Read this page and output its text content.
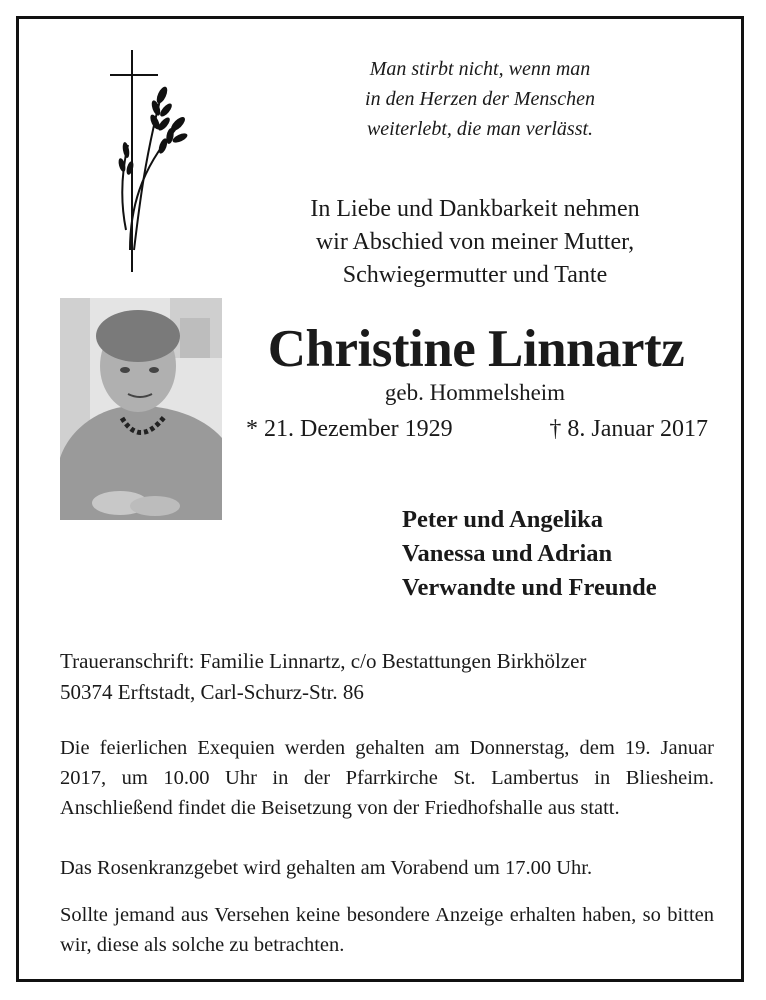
Man stirbt nicht, wenn man
in den Herzen der Menschen
weiterlebt, die man verlässt.
In Liebe und Dankbarkeit nehmen
wir Abschied von meiner Mutter,
Schwiegermutter und Tante
Christine Linnartz
geb. Hommelsheim
* 21. Dezember 1929	† 8. Januar 2017
Peter und Angelika
Vanessa und Adrian
Verwandte und Freunde
Traueranschrift: Familie Linnartz, c/o Bestattungen Birkhölzer
50374 Erftstadt, Carl-Schurz-Str. 86
Die feierlichen Exequien werden gehalten am Donnerstag, dem 19. Januar 2017, um 10.00 Uhr in der Pfarrkirche St. Lambertus in Bliesheim. Anschließend findet die Beisetzung von der Friedhofshalle aus statt.
Das Rosenkranzgebet wird gehalten am Vorabend um 17.00 Uhr.
Sollte jemand aus Versehen keine besondere Anzeige erhalten haben, so bitten wir, diese als solche zu betrachten.
